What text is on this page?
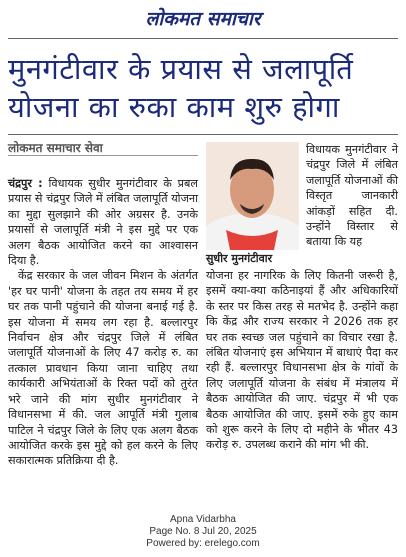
लोकमत समाचार
मुनगंटीवार के प्रयास से जलापूर्ति योजना का रुका काम शुरु होगा
लोकमत समाचार सेवा

चंद्रपुर : विधायक सुधीर मुनगंटीवार के प्रबल प्रयास से चंद्रपुर जिले में लंबित जलापूर्ति योजना का मुद्दा सुलझाने की ओर अग्रसर है. उनके प्रयासों से जलापूर्ति मंत्री ने इस मुद्दे पर एक अलग बैठक आयोजित करने का आश्वासन दिया है.

केंद्र सरकार के जल जीवन मिशन के अंतर्गत 'हर घर पानी' योजना के तहत तय समय में हर घर तक पानी पहुंचाने की योजना बनाई गई है. इस योजना में समय लग रहा है. बल्लारपुर निर्वाचन क्षेत्र और चंद्रपुर जिले में लंबित जलापूर्ति योजनाओं के लिए 47 करोड़ रु. का तत्काल प्रावधान किया जाना चाहिए तथा कार्यकारी अभियंताओं के रिक्त पदों को तुरंत भरे जाने की मांग सुधीर मुनगंटीवार ने विधानसभा में की. जल आपूर्ति मंत्री गुलाब पाटिल ने चंद्रपुर जिले के लिए एक अलग बैठक आयोजित करके इस मुद्दे को हल करने के लिए सकारात्मक प्रतिक्रिया दी है.

सुधीर मुनगंटीवार

विधायक मुनगंटीवार ने चंद्रपुर जिले में लंबित जलापूर्ति योजनाओं की विस्तृत जानकारी आंकड़ों सहित दी. उन्होंने विस्तार से बताया कि यह

योजना हर नागरिक के लिए कितनी जरूरी है, इसमें क्या-क्या कठिनाइयां हैं और अधिकारियों के स्तर पर किस तरह से मतभेद है. उन्होंने कहा कि केंद्र और राज्य सरकार ने 2026 तक हर घर तक स्वच्छ जल पहुंचाने का विचार रखा है. लंबित योजनाएं इस अभियान में बाधाएं पैदा कर रही हैं. बल्लारपुर विधानसभा क्षेत्र के गांवों के लिए जलापूर्ति योजना के संबंध में मंत्रालय में बैठक आयोजित की जाए. चंद्रपुर में भी एक बैठक आयोजित की जाए. इसमें रुके हुए काम को शुरू करने के लिए दो महीने के भीतर 43 करोड़ रु. उपलब्ध कराने की मांग भी की.

Apna Vidarbha
Page No. 8 Jul 20, 2025
Powered by: erelego.com
